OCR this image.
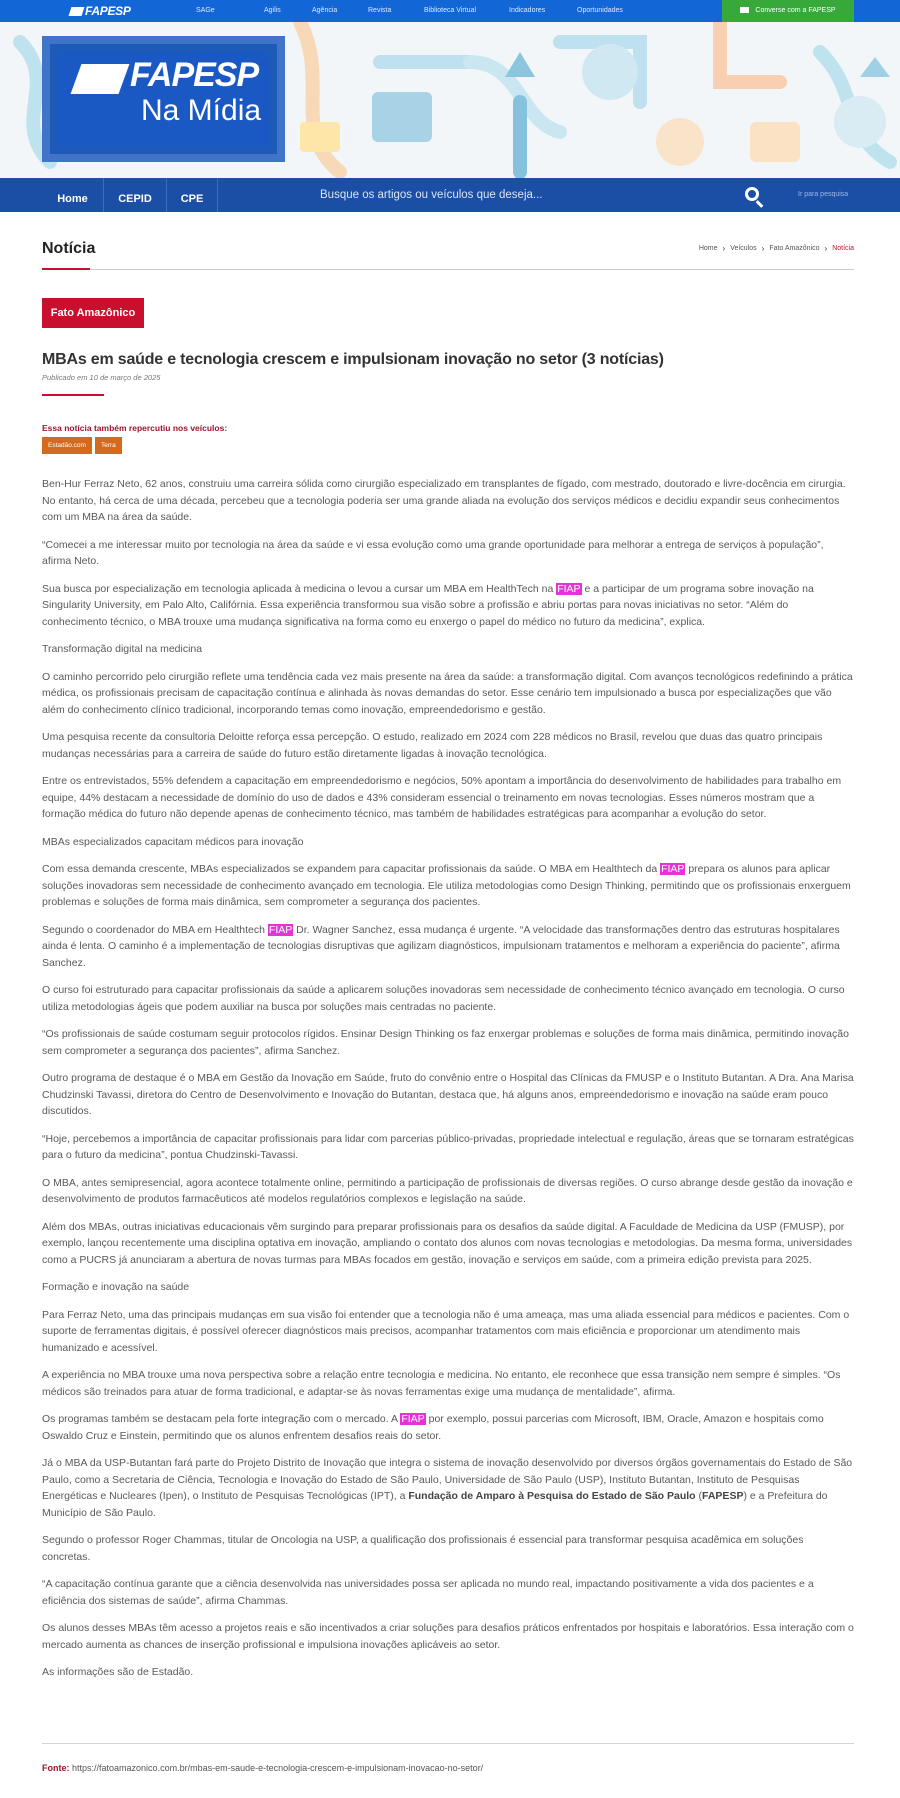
FAPESP	SAGe	Agilis	Agência	Revista	Biblioteca Virtual	Indicadores	Oportunidades	Converse com a FAPESP
FAPESP
Na Mídia
Home	CEPID	CPE	Busque os artigos ou veículos que deseja...	Ir para pesquisa
Notícia	Home › Veículos › Fato Amazônico › Notícia
Fato Amazônico
MBAs em saúde e tecnologia crescem e impulsionam inovação no setor (3 notícias)
Publicado em 10 de março de 2025
Essa notícia também repercutiu nos veículos:
Estadão.com	Terra

Ben-Hur Ferraz Neto, 62 anos, construiu uma carreira sólida como cirurgião especializado em transplantes de fígado, com mestrado, doutorado e livre-docência em cirurgia. No entanto, há cerca de uma década, percebeu que a tecnologia poderia ser uma grande aliada na evolução dos serviços médicos e decidiu expandir seus conhecimentos com um MBA na área da saúde.

“Comecei a me interessar muito por tecnologia na área da saúde e vi essa evolução como uma grande oportunidade para melhorar a entrega de serviços à população”, afirma Neto.

Sua busca por especialização em tecnologia aplicada à medicina o levou a cursar um MBA em HealthTech na FIAP e a participar de um programa sobre inovação na Singularity University, em Palo Alto, Califórnia. Essa experiência transformou sua visão sobre a profissão e abriu portas para novas iniciativas no setor. “Além do conhecimento técnico, o MBA trouxe uma mudança significativa na forma como eu enxergo o papel do médico no futuro da medicina”, explica.

Transformação digital na medicina

O caminho percorrido pelo cirurgião reflete uma tendência cada vez mais presente na área da saúde: a transformação digital. Com avanços tecnológicos redefinindo a prática médica, os profissionais precisam de capacitação contínua e alinhada às novas demandas do setor. Esse cenário tem impulsionado a busca por especializações que vão além do conhecimento clínico tradicional, incorporando temas como inovação, empreendedorismo e gestão.

Uma pesquisa recente da consultoria Deloitte reforça essa percepção. O estudo, realizado em 2024 com 228 médicos no Brasil, revelou que duas das quatro principais mudanças necessárias para a carreira de saúde do futuro estão diretamente ligadas à inovação tecnológica.

Entre os entrevistados, 55% defendem a capacitação em empreendedorismo e negócios, 50% apontam a importância do desenvolvimento de habilidades para trabalho em equipe, 44% destacam a necessidade de domínio do uso de dados e 43% consideram essencial o treinamento em novas tecnologias. Esses números mostram que a formação médica do futuro não depende apenas de conhecimento técnico, mas também de habilidades estratégicas para acompanhar a evolução do setor.

MBAs especializados capacitam médicos para inovação

Com essa demanda crescente, MBAs especializados se expandem para capacitar profissionais da saúde. O MBA em Healthtech da FIAP prepara os alunos para aplicar soluções inovadoras sem necessidade de conhecimento avançado em tecnologia. Ele utiliza metodologias como Design Thinking, permitindo que os profissionais enxerguem problemas e soluções de forma mais dinâmica, sem comprometer a segurança dos pacientes.

Segundo o coordenador do MBA em Healthtech FIAP Dr. Wagner Sanchez, essa mudança é urgente. “A velocidade das transformações dentro das estruturas hospitalares ainda é lenta. O caminho é a implementação de tecnologias disruptivas que agilizam diagnósticos, impulsionam tratamentos e melhoram a experiência do paciente”, afirma Sanchez.

O curso foi estruturado para capacitar profissionais da saúde a aplicarem soluções inovadoras sem necessidade de conhecimento técnico avançado em tecnologia. O curso utiliza metodologias ágeis que podem auxiliar na busca por soluções mais centradas no paciente.

“Os profissionais de saúde costumam seguir protocolos rígidos. Ensinar Design Thinking os faz enxergar problemas e soluções de forma mais dinâmica, permitindo inovação sem comprometer a segurança dos pacientes”, afirma Sanchez.

Outro programa de destaque é o MBA em Gestão da Inovação em Saúde, fruto do convênio entre o Hospital das Clínicas da FMUSP e o Instituto Butantan. A Dra. Ana Marisa Chudzinski Tavassi, diretora do Centro de Desenvolvimento e Inovação do Butantan, destaca que, há alguns anos, empreendedorismo e inovação na saúde eram pouco discutidos.

“Hoje, percebemos a importância de capacitar profissionais para lidar com parcerias público-privadas, propriedade intelectual e regulação, áreas que se tornaram estratégicas para o futuro da medicina”, pontua Chudzinski-Tavassi.

O MBA, antes semipresencial, agora acontece totalmente online, permitindo a participação de profissionais de diversas regiões. O curso abrange desde gestão da inovação e desenvolvimento de produtos farmacêuticos até modelos regulatórios complexos e legislação na saúde.

Além dos MBAs, outras iniciativas educacionais vêm surgindo para preparar profissionais para os desafios da saúde digital. A Faculdade de Medicina da USP (FMUSP), por exemplo, lançou recentemente uma disciplina optativa em inovação, ampliando o contato dos alunos com novas tecnologias e metodologias. Da mesma forma, universidades como a PUCRS já anunciaram a abertura de novas turmas para MBAs focados em gestão, inovação e serviços em saúde, com a primeira edição prevista para 2025.

Formação e inovação na saúde

Para Ferraz Neto, uma das principais mudanças em sua visão foi entender que a tecnologia não é uma ameaça, mas uma aliada essencial para médicos e pacientes. Com o suporte de ferramentas digitais, é possível oferecer diagnósticos mais precisos, acompanhar tratamentos com mais eficiência e proporcionar um atendimento mais humanizado e acessível.

A experiência no MBA trouxe uma nova perspectiva sobre a relação entre tecnologia e medicina. No entanto, ele reconhece que essa transição nem sempre é simples. “Os médicos são treinados para atuar de forma tradicional, e adaptar-se às novas ferramentas exige uma mudança de mentalidade”, afirma.

Os programas também se destacam pela forte integração com o mercado. A FIAP por exemplo, possui parcerias com Microsoft, IBM, Oracle, Amazon e hospitais como Oswaldo Cruz e Einstein, permitindo que os alunos enfrentem desafios reais do setor.

Já o MBA da USP-Butantan fará parte do Projeto Distrito de Inovação que integra o sistema de inovação desenvolvido por diversos órgãos governamentais do Estado de São Paulo, como a Secretaria de Ciência, Tecnologia e Inovação do Estado de São Paulo, Universidade de São Paulo (USP), Instituto Butantan, Instituto de Pesquisas Energéticas e Nucleares (Ipen), o Instituto de Pesquisas Tecnológicas (IPT), a Fundação de Amparo à Pesquisa do Estado de São Paulo (FAPESP) e a Prefeitura do Município de São Paulo.

Segundo o professor Roger Chammas, titular de Oncologia na USP, a qualificação dos profissionais é essencial para transformar pesquisa acadêmica em soluções concretas.

“A capacitação contínua garante que a ciência desenvolvida nas universidades possa ser aplicada no mundo real, impactando positivamente a vida dos pacientes e a eficiência dos sistemas de saúde”, afirma Chammas.

Os alunos desses MBAs têm acesso a projetos reais e são incentivados a criar soluções para desafios práticos enfrentados por hospitais e laboratórios. Essa interação com o mercado aumenta as chances de inserção profissional e impulsiona inovações aplicáveis ao setor.

As informações são de Estadão.

Fonte: https://fatoamazonico.com.br/mbas-em-saude-e-tecnologia-crescem-e-impulsionam-inovacao-no-setor/
